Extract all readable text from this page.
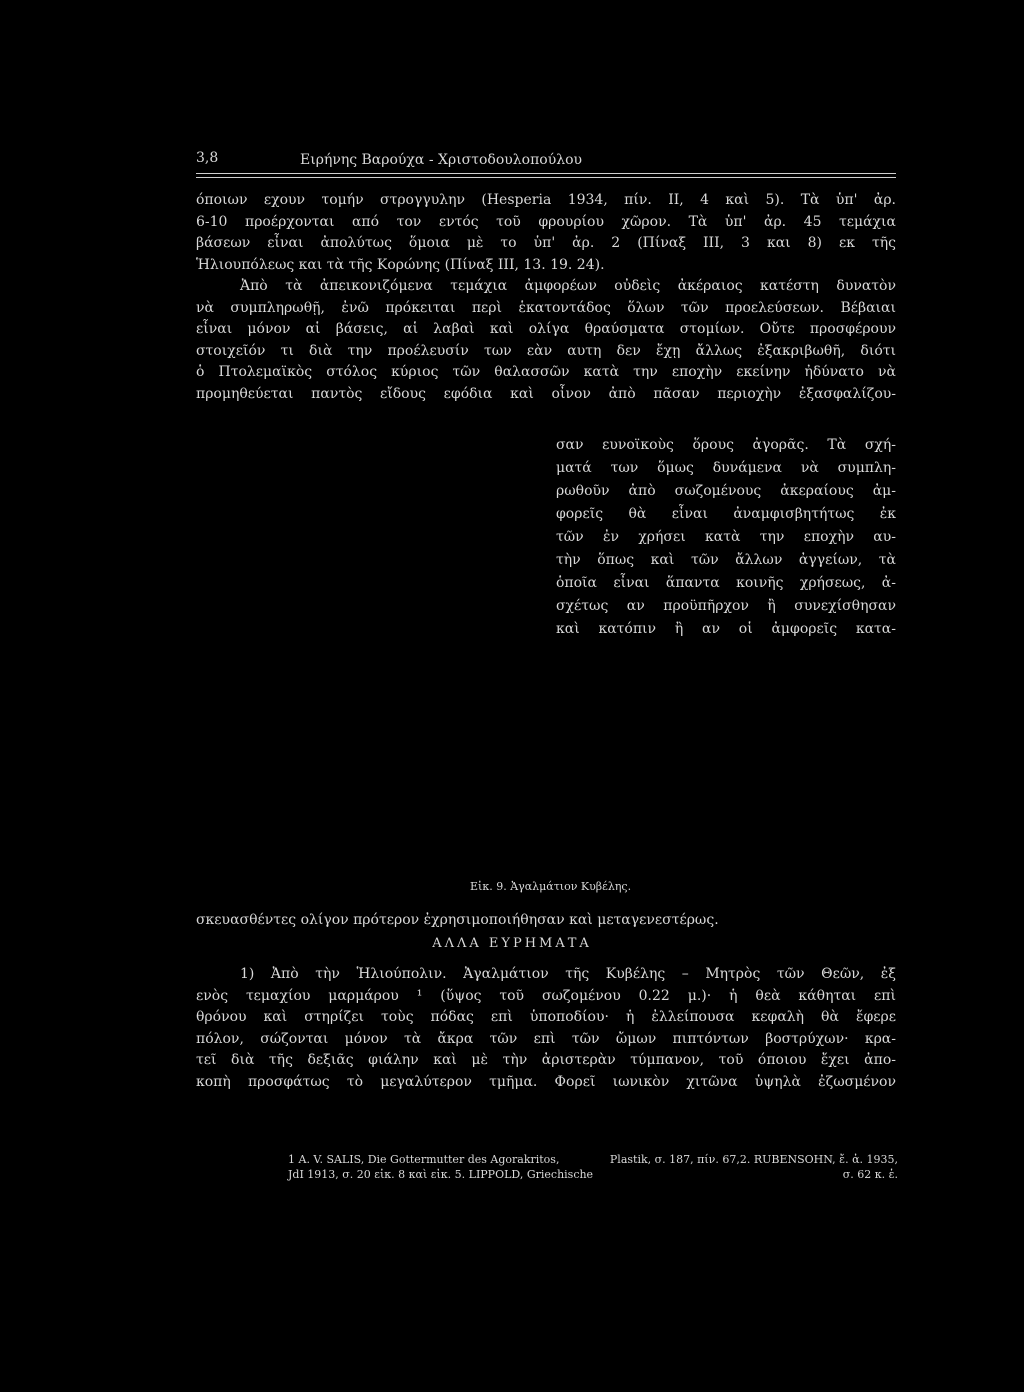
3,8	Ειρήνης Βαρούχα - Χριστοδουλοπούλου
όποιων εχουν τομήν στρογγυλην (Hesperia 1934, πίν. II, 4 καὶ 5). Τὰ ὑπ' ἀρ.
6-10 προέρχονται από τον εντός τοῦ φρουρίου χῶρον. Τὰ ὑπ' ἀρ. 45 τεμάχια
βάσεων εἶναι ἀπολύτως ὅμοια μὲ το ὑπ' ἀρ. 2 (Πίναξ III, 3 και 8) εκ τῆς
Ἡλιουπόλεως και τὰ τῆς Κορώνης (Πίναξ III, 13. 19. 24).
Ἀπὸ τὰ ἀπεικονιζόμενα τεμάχια ἀμφορέων οὐδεὶς ἀκέραιος κατέστη δυνατὸν
νὰ συμπληρωθῇ, ἐνῶ πρόκειται περὶ ἑκατοντάδος ὅλων τῶν προελεύσεων. Βέβαιαι
εἶναι μόνον αἱ βάσεις, αἱ λαβαὶ καὶ ολίγα θραύσματα στομίων. Οὔτε προσφέρουν
στοιχεῖόν τι διὰ την προέλευσίν των εὰν αυτη δεν ἔχῃ ἄλλως ἐξακριβωθῆ, διότι
ὁ Πτολεμαϊκὸς στόλος κύριος τῶν θαλασσῶν κατὰ την εποχὴν εκείνην ἠδύνατο νὰ
προμηθεύεται παντὸς εἴδους εφόδια καὶ οἶνον ἀπὸ πᾶσαν περιοχὴν ἐξασφαλίζου-
σαν ευνοϊκοὺς ὅρους ἀγορᾶς. Τὰ σχή-
ματά των ὅμως δυνάμενα νὰ συμπλη-
ρωθοῦν ἀπὸ σωζομένους ἀκεραίους ἀμ-
φορεῖς θὰ εἶναι ἀναμφισβητήτως ἐκ
τῶν ἐν χρήσει κατὰ την εποχὴν αυ-
τὴν ὅπως καὶ τῶν ἄλλων ἀγγείων, τὰ
ὁποῖα εἶναι ἅπαντα κοινῆς χρήσεως, ἀ-
σχέτως αν προϋπῆρχον ἢ συνεχίσθησαν
καὶ κατόπιν ἢ αν οἱ ἀμφορεῖς κατα-
Εἰκ. 9. Ἀγαλμάτιον Κυβέλης.
σκευασθέντες ολίγον πρότερον ἐχρησιμοποιήθησαν καὶ μεταγενεστέρως.
ΑΛΛΑ ΕΥΡΗΜΑΤΑ
1) Ἀπὸ τὴν Ἡλιούπολιν. Ἀγαλμάτιον τῆς Κυβέλης – Μητρὸς τῶν Θεῶν, ἐξ
ενὸς τεμαχίου μαρμάρου ¹ (ὕψος τοῦ σωζομένου 0.22 μ.)· ἡ θεὰ κάθηται επὶ
θρόνου καὶ στηρίζει τοὺς πόδας επὶ ὑποποδίου· ἡ ἐλλείπουσα κεφαλὴ θὰ ἔφερε
πόλον, σώζονται μόνον τὰ ἄκρα τῶν επὶ τῶν ὤμων πιπτόντων βοστρύχων· κρα-
τεῖ διὰ τῆς δεξιᾶς φιάλην καὶ μὲ τὴν ἀριστερὰν τύμπανον, τοῦ όποιου ἔχει ἀπο-
κοπὴ προσφάτως τὸ μεγαλύτερον τμῆμα. Φορεῖ ιωνικὸν χιτῶνα ὑψηλὰ ἐζωσμένον
1 A. V. SALIS, Die Gottermutter des Agorakritos,	Plastik, σ. 187, πίν. 67,2. RUBENSOHN, ἔ. ἀ. 1935,
JdI 1913, σ. 20 εἰκ. 8 καὶ εἰκ. 5. LIPPOLD, Griechische	σ. 62 κ. ἑ.
